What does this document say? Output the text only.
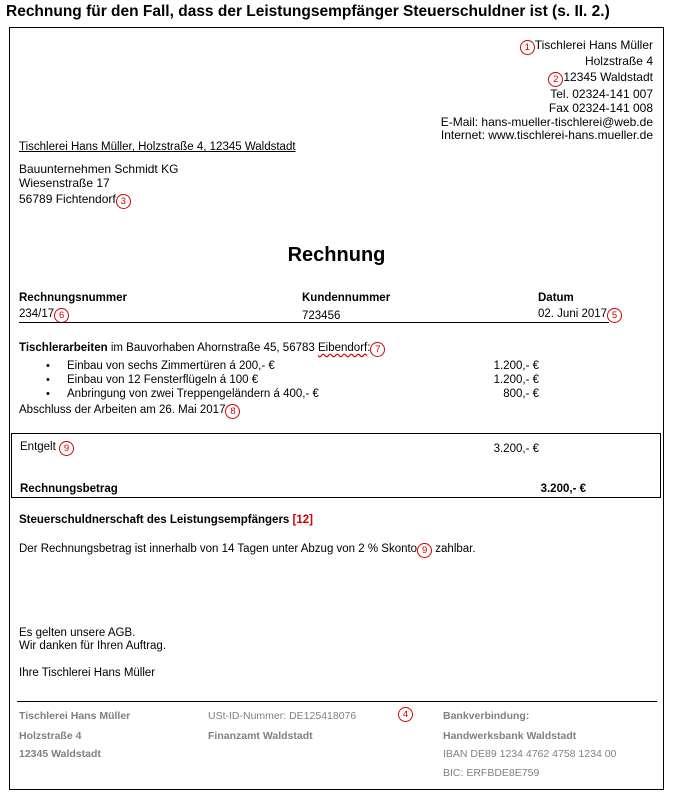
Rechnung für den Fall, dass der Leistungsempfänger Steuerschuldner ist (s. II. 2.)
1 Tischlerei Hans Müller
Holzstraße 4
2 12345 Waldstadt
Tel. 02324-141 007
Fax 02324-141 008
E-Mail: hans-mueller-tischlerei@web.de
Internet: www.tischlerei-hans.mueller.de
Tischlerei Hans Müller, Holzstraße 4, 12345 Waldstadt
Bauunternehmen Schmidt KG
Wiesenstraße 17
56789 Fichtendorf 3
Rechnung
Rechnungsnummer	Kundennummer	Datum
234/17 6	723456	02. Juni 2017 5
Tischlerarbeiten im Bauvorhaben Ahornstraße 45, 56783 Eibendorf: 7
• Einbau von sechs Zimmertüren á 200,- €	1.200,- €
• Einbau von 12 Fensterflügeln á 100 €	1.200,- €
• Anbringung von zwei Treppengeländern á 400,- €	800,- €
Abschluss der Arbeiten am 26. Mai 2017 8
Entgelt 9	3.200,- €
Rechnungsbetrag	3.200,- €
Steuerschuldnerschaft des Leistungsempfängers [12]
Der Rechnungsbetrag ist innerhalb von 14 Tagen unter Abzug von 2 % Skonto 9 zahlbar.
Es gelten unsere AGB.
Wir danken für Ihren Auftrag.
Ihre Tischlerei Hans Müller
Tischlerei Hans Müller
Holzstraße 4
12345 Waldstadt
USt-ID-Nummer: DE125418076
Finanzamt Waldstadt
4	Bankverbindung:
Handwerksbank Waldstadt
IBAN DE89 1234 4762 4758 1234 00
BIC: ERFBDE8E759
